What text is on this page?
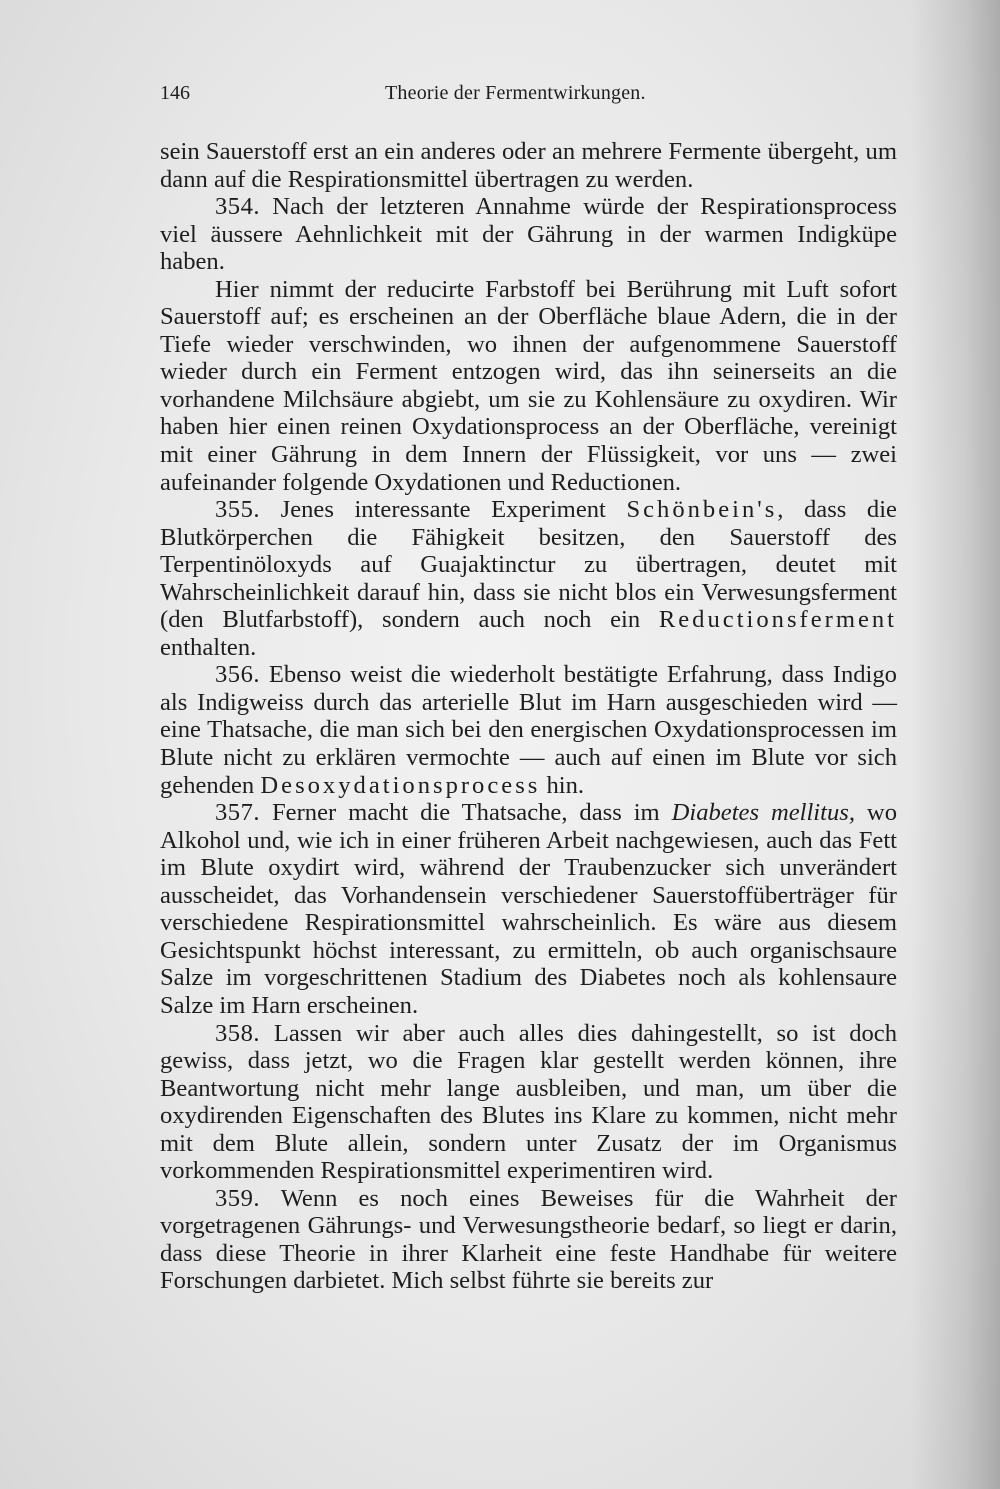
146	Theorie der Fermentwirkungen.

sein Sauerstoff erst an ein anderes oder an mehrere Fermente übergeht, um dann auf die Respirationsmittel übertragen zu werden.

354. Nach der letzteren Annahme würde der Respirationsprocess viel äussere Aehnlichkeit mit der Gährung in der warmen Indigküpe haben.

Hier nimmt der reducirte Farbstoff bei Berührung mit Luft sofort Sauerstoff auf; es erscheinen an der Oberfläche blaue Adern, die in der Tiefe wieder verschwinden, wo ihnen der aufgenommene Sauerstoff wieder durch ein Ferment entzogen wird, das ihn seinerseits an die vorhandene Milchsäure abgiebt, um sie zu Kohlensäure zu oxydiren. Wir haben hier einen reinen Oxydationsprocess an der Oberfläche, vereinigt mit einer Gährung in dem Innern der Flüssigkeit, vor uns — zwei aufeinander folgende Oxydationen und Reductionen.

355. Jenes interessante Experiment Schönbein's, dass die Blutkörperchen die Fähigkeit besitzen, den Sauerstoff des Terpentinöloxyds auf Guajaktinctur zu übertragen, deutet mit Wahrscheinlichkeit darauf hin, dass sie nicht blos ein Verwesungsferment (den Blutfarbstoff), sondern auch noch ein Reductionsferment enthalten.

356. Ebenso weist die wiederholt bestätigte Erfahrung, dass Indigo als Indigweiss durch das arterielle Blut im Harn ausgeschieden wird — eine Thatsache, die man sich bei den energischen Oxydationsprocessen im Blute nicht zu erklären vermochte — auch auf einen im Blute vor sich gehenden Desoxydationsprocess hin.

357. Ferner macht die Thatsache, dass im Diabetes mellitus, wo Alkohol und, wie ich in einer früheren Arbeit nachgewiesen, auch das Fett im Blute oxydirt wird, während der Traubenzucker sich unverändert ausscheidet, das Vorhandensein verschiedener Sauerstoffüberträger für verschiedene Respirationsmittel wahrscheinlich. Es wäre aus diesem Gesichtspunkt höchst interessant, zu ermitteln, ob auch organischsaure Salze im vorgeschrittenen Stadium des Diabetes noch als kohlensaure Salze im Harn erscheinen.

358. Lassen wir aber auch alles dies dahingestellt, so ist doch gewiss, dass jetzt, wo die Fragen klar gestellt werden können, ihre Beantwortung nicht mehr lange ausbleiben, und man, um über die oxydirenden Eigenschaften des Blutes ins Klare zu kommen, nicht mehr mit dem Blute allein, sondern unter Zusatz der im Organismus vorkommenden Respirationsmittel experimentiren wird.

359. Wenn es noch eines Beweises für die Wahrheit der vorgetragenen Gährungs- und Verwesungstheorie bedarf, so liegt er darin, dass diese Theorie in ihrer Klarheit eine feste Handhabe für weitere Forschungen darbietet. Mich selbst führte sie bereits zur
